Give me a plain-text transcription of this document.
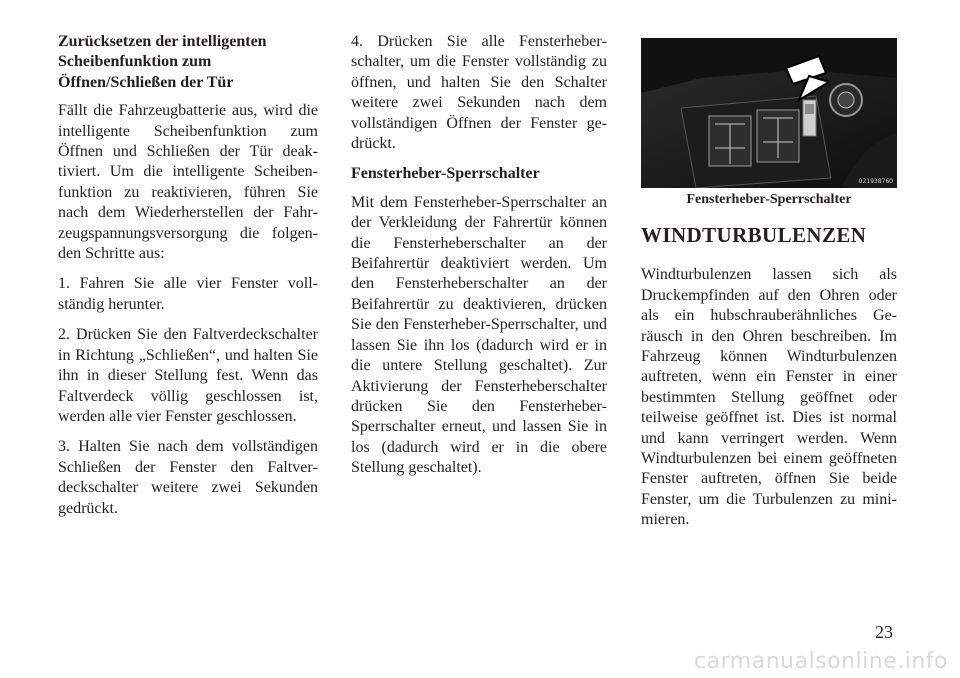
Zurücksetzen der intelligenten
Scheibenfunktion zum
Öffnen/Schließen der Tür

Fällt die Fahrzeugbatterie aus, wird die intelligente Scheibenfunktion zum Öffnen und Schließen der Tür deaktiviert. Um die intelligente Scheibenfunktion zu reaktivieren, führen Sie nach dem Wiederherstellen der Fahrzeugspannungsversorgung die folgenden Schritte aus:

1. Fahren Sie alle vier Fenster vollständig herunter.

2. Drücken Sie den Faltverdeckschalter in Richtung „Schließen“, und halten Sie ihn in dieser Stellung fest. Wenn das Faltverdeck völlig geschlossen ist, werden alle vier Fenster geschlossen.

3. Halten Sie nach dem vollständigen Schließen der Fenster den Faltverdeckschalter weitere zwei Sekunden gedrückt.

4. Drücken Sie alle Fensterheberschalter, um die Fenster vollständig zu öffnen, und halten Sie den Schalter weitere zwei Sekunden nach dem vollständigen Öffnen der Fenster gedrückt.

Fensterheber-Sperrschalter

Mit dem Fensterheber-Sperrschalter an der Verkleidung der Fahrertür können die Fensterheberschalter an der Beifahrertür deaktiviert werden. Um den Fensterheberschalter an der Beifahrertür zu deaktivieren, drücken Sie den Fensterheber-Sperrschalter, und lassen Sie ihn los (dadurch wird er in die untere Stellung geschaltet). Zur Aktivierung der Fensterheberschalter drücken Sie den Fensterheber-Sperrschalter erneut, und lassen Sie in los (dadurch wird er in die obere Stellung geschaltet).

021938760
Fensterheber-Sperrschalter
WINDTURBULENZEN

Windturbulenzen lassen sich als Druckempfinden auf den Ohren oder als ein hubschrauberähnliches Geräusch in den Ohren beschreiben. Im Fahrzeug können Windturbulenzen auftreten, wenn ein Fenster in einer bestimmten Stellung geöffnet oder teilweise geöffnet ist. Dies ist normal und kann verringert werden. Wenn Windturbulenzen bei einem geöffneten Fenster auftreten, öffnen Sie beide Fenster, um die Turbulenzen zu minimieren.

23
carmanualsonline.info
